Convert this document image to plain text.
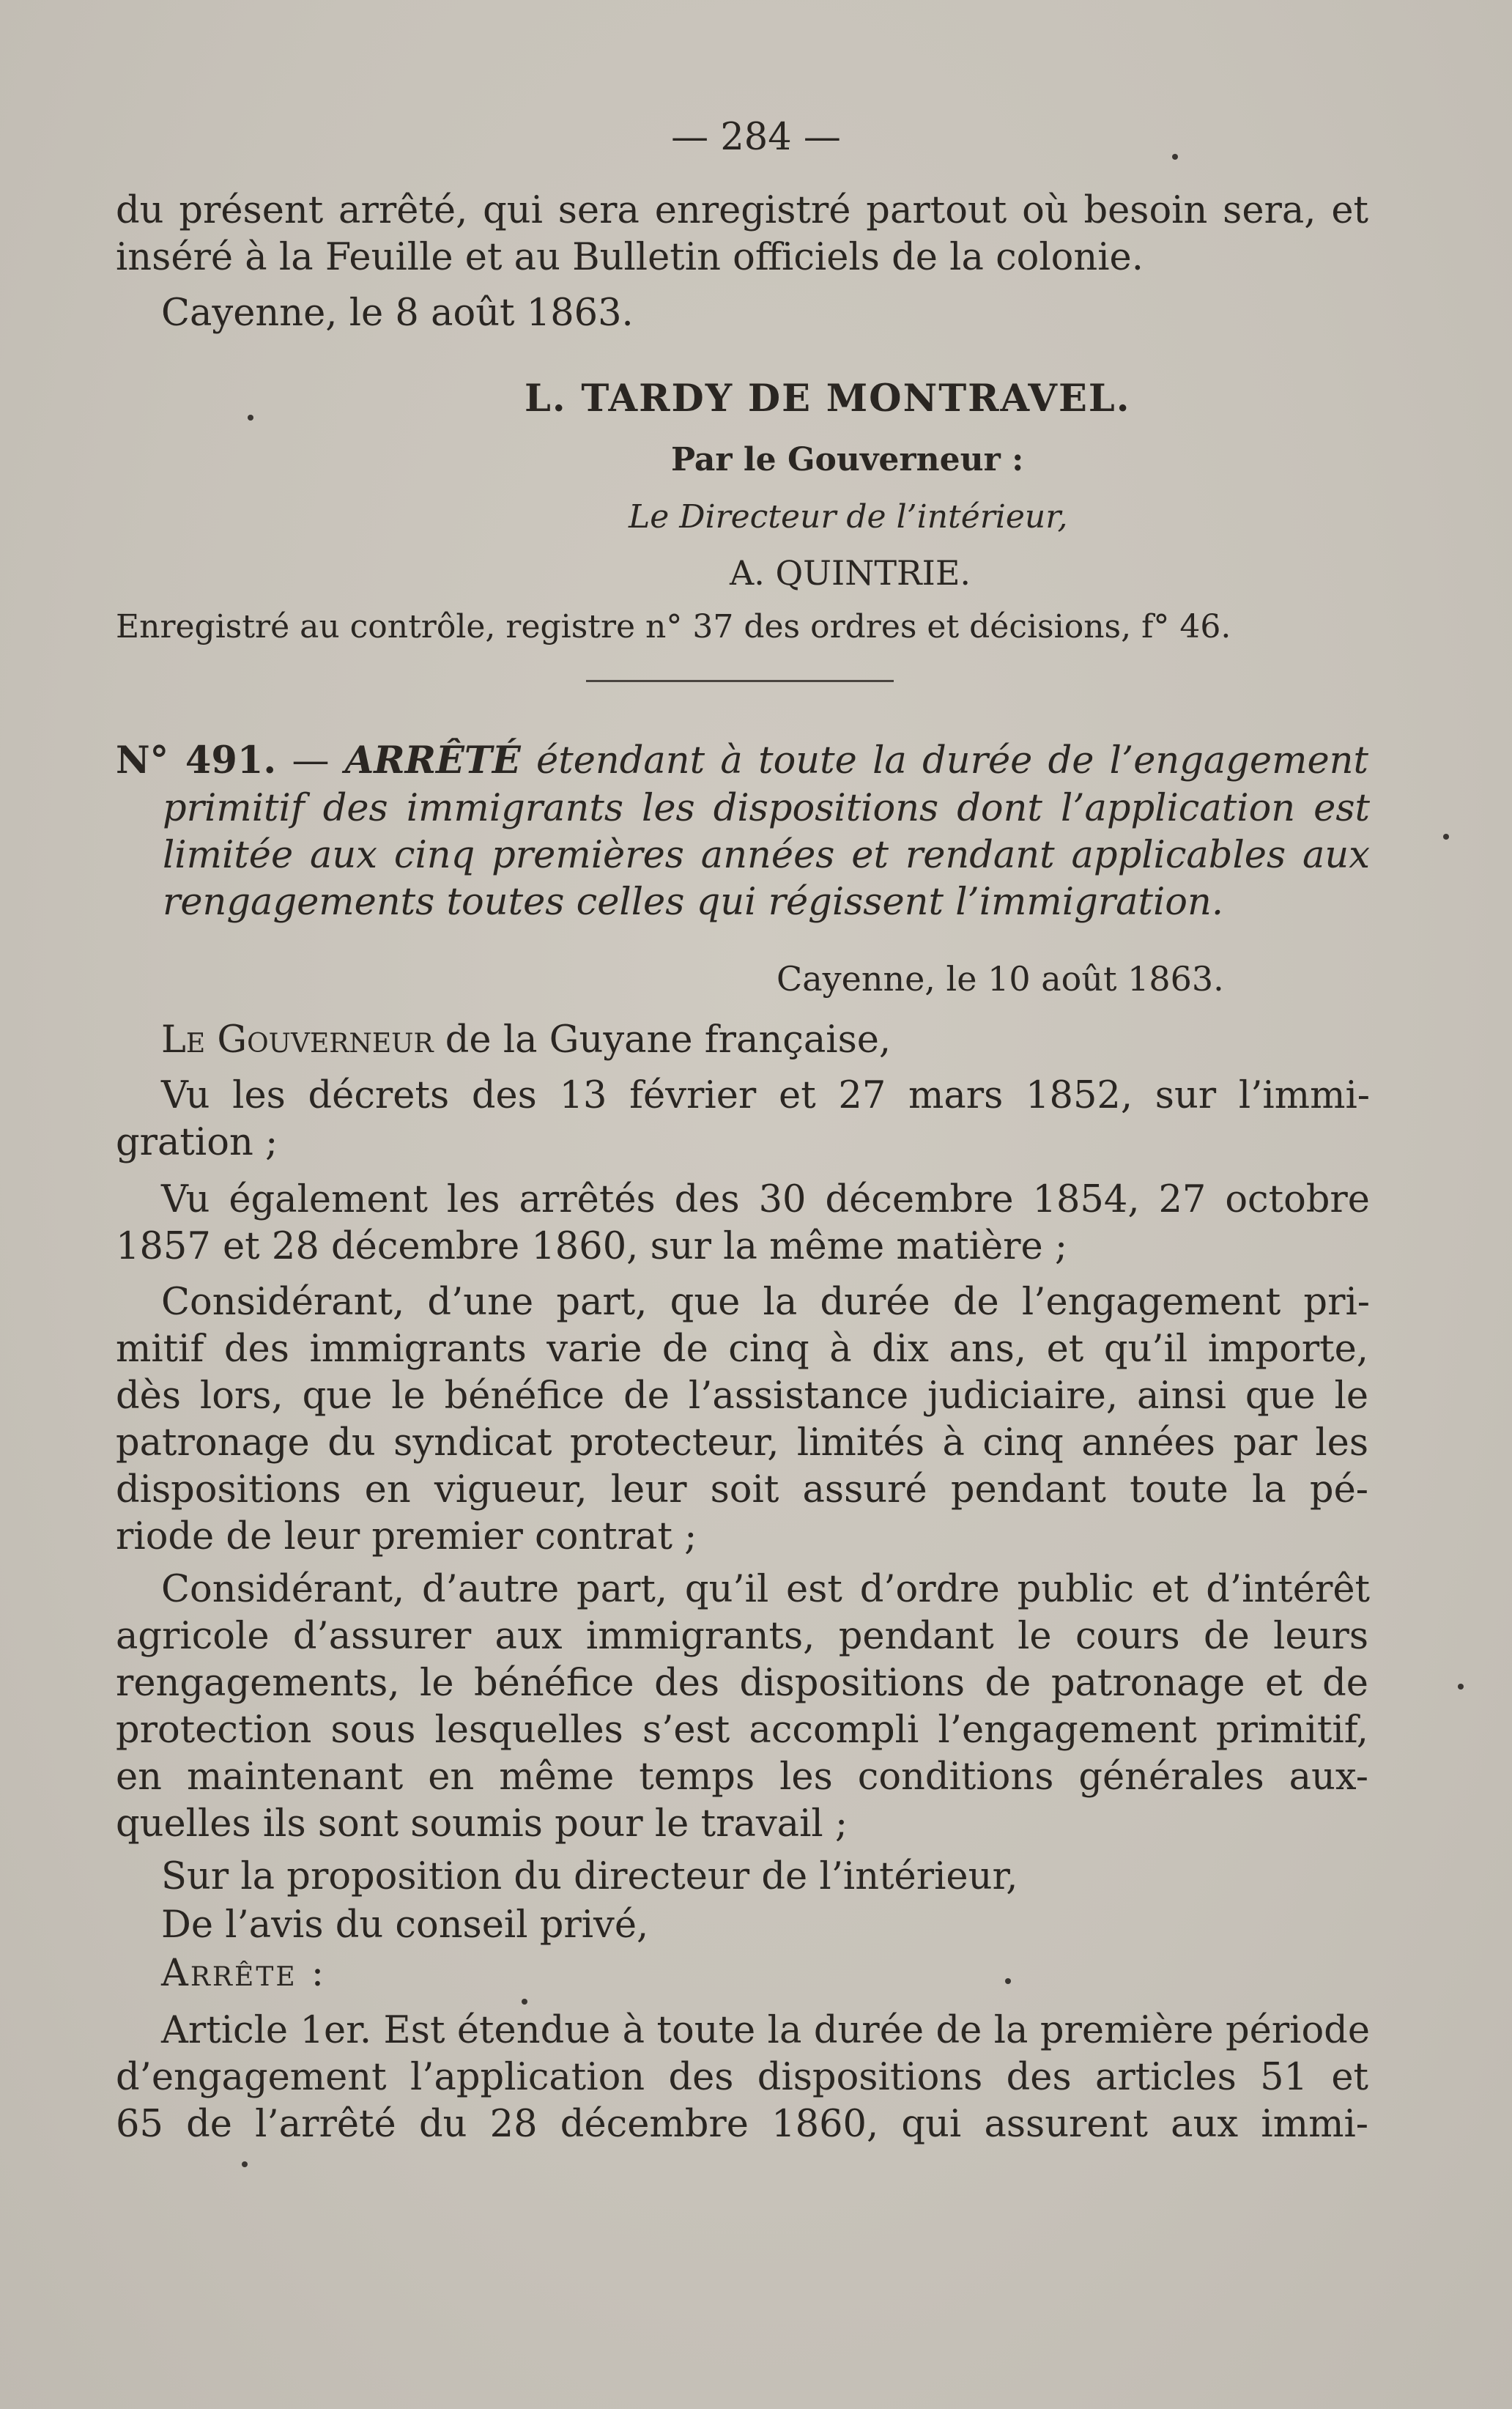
— 284 —
du présent arrêté, qui sera enregistré partout où besoin sera, et
inséré à la Feuille et au Bulletin officiels de la colonie.
Cayenne, le 8 août 1863.
L. TARDY DE MONTRAVEL.
Par le Gouverneur :
Le Directeur de l’intérieur,
A. QUINTRIE.
Enregistré au contrôle, registre n° 37 des ordres et décisions, f° 46.
N° 491. — ARRÊTÉ étendant à toute la durée de l’engagement
primitif des immigrants les dispositions dont l’application est
limitée aux cinq premières années et rendant applicables aux
rengagements toutes celles qui régissent l’immigration.
Cayenne, le 10 août 1863.
Le Gouverneur de la Guyane française,
Vu les décrets des 13 février et 27 mars 1852, sur l’immi-
gration ;
Vu également les arrêtés des 30 décembre 1854, 27 octobre
1857 et 28 décembre 1860, sur la même matière ;
Considérant, d’une part, que la durée de l’engagement pri-
mitif des immigrants varie de cinq à dix ans, et qu’il importe,
dès lors, que le bénéfice de l’assistance judiciaire, ainsi que le
patronage du syndicat protecteur, limités à cinq années par les
dispositions en vigueur, leur soit assuré pendant toute la pé-
riode de leur premier contrat ;
Considérant, d’autre part, qu’il est d’ordre public et d’intérêt
agricole d’assurer aux immigrants, pendant le cours de leurs
rengagements, le bénéfice des dispositions de patronage et de
protection sous lesquelles s’est accompli l’engagement primitif,
en maintenant en même temps les conditions générales aux-
quelles ils sont soumis pour le travail ;
Sur la proposition du directeur de l’intérieur,
De l’avis du conseil privé,
Arrête :
Article 1er. Est étendue à toute la durée de la première période
d’engagement l’application des dispositions des articles 51 et
65 de l’arrêté du 28 décembre 1860, qui assurent aux immi-
